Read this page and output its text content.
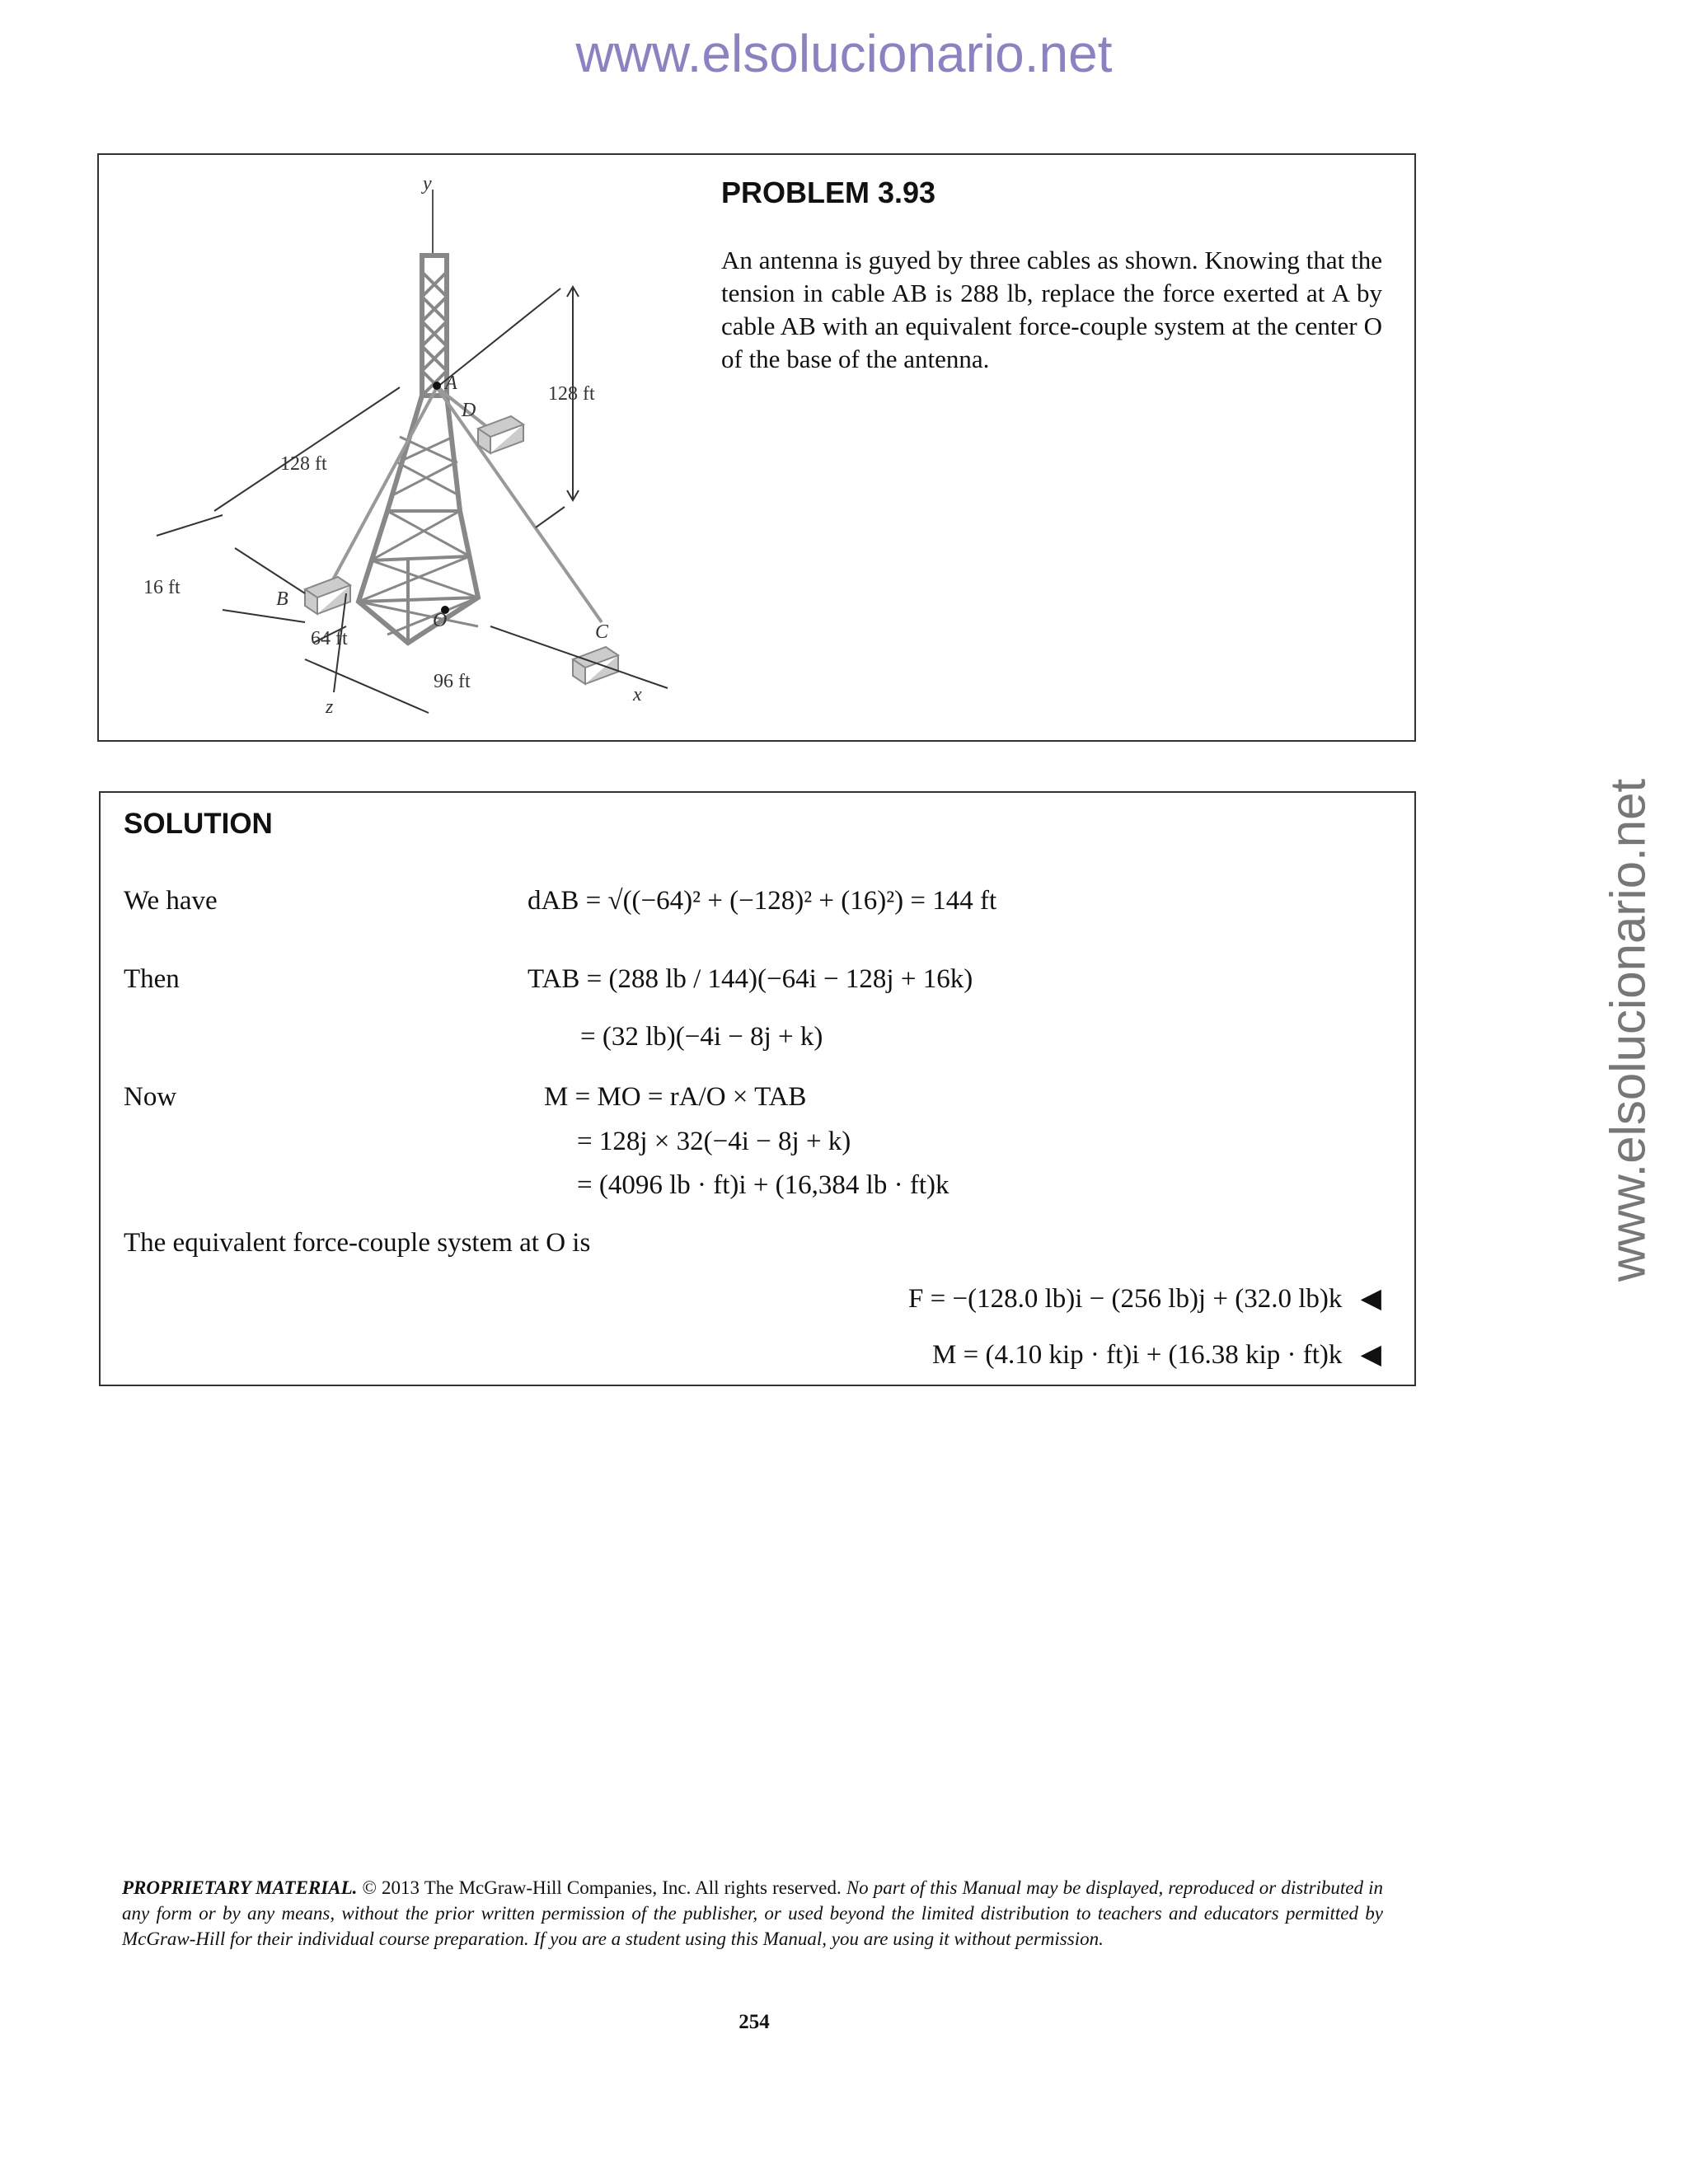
www.elsolucionario.net
www.elsolucionario.net
y
x
z
A
B
C
D
O
128 ft
128 ft
16 ft
64 ft
96 ft
PROBLEM 3.93
An antenna is guyed by three cables as shown. Knowing that the tension in cable AB is 288 lb, replace the force exerted at A by cable AB with an equivalent force-couple system at the center O of the base of the antenna.
SOLUTION
We have	dAB = √((−64)² + (−128)² + (16)²) = 144 ft
Then	TAB = (288 lb / 144)(−64i − 128j + 16k)
= (32 lb)(−4i − 8j + k)
Now	M = MO = rA/O × TAB
= 128j × 32(−4i − 8j + k)
= (4096 lb · ft)i + (16,384 lb · ft)k
The equivalent force-couple system at O is
F = −(128.0 lb)i − (256 lb)j + (32.0 lb)k ◀
M = (4.10 kip · ft)i + (16.38 kip · ft)k ◀
PROPRIETARY MATERIAL. © 2013 The McGraw-Hill Companies, Inc. All rights reserved. No part of this Manual may be displayed, reproduced or distributed in any form or by any means, without the prior written permission of the publisher, or used beyond the limited distribution to teachers and educators permitted by McGraw-Hill for their individual course preparation. If you are a student using this Manual, you are using it without permission.
254
